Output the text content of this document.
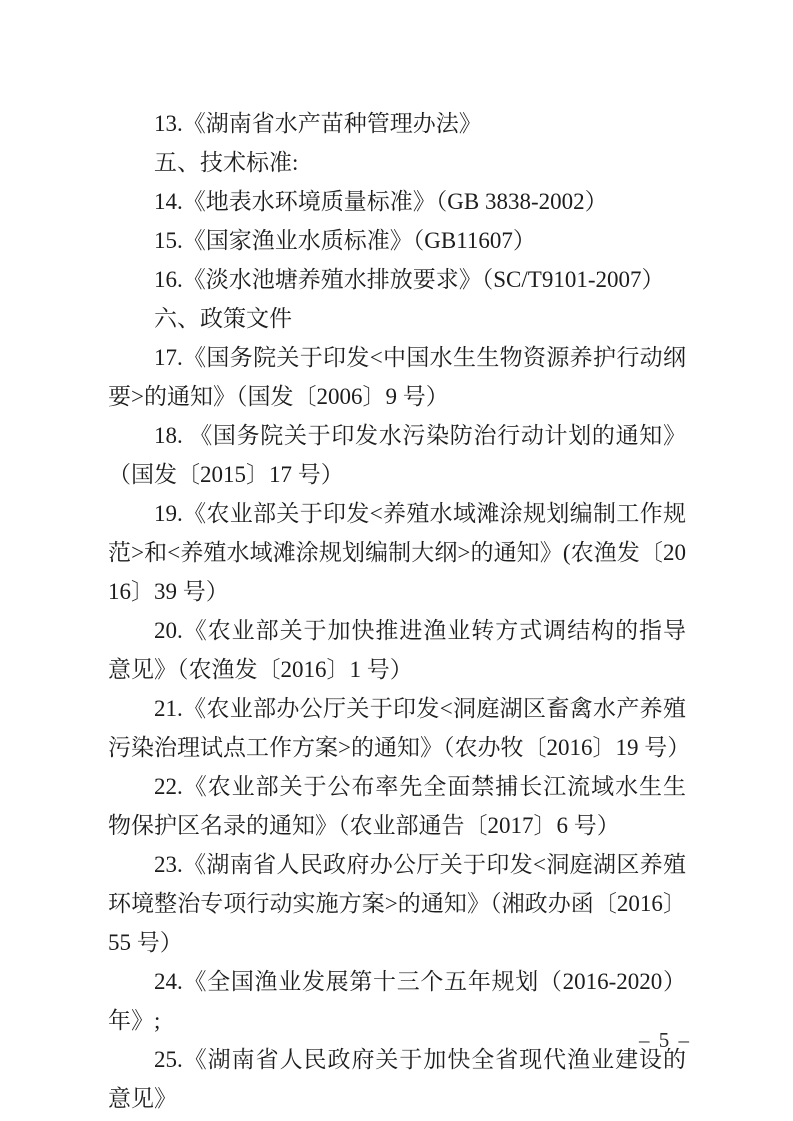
13.《湖南省水产苗种管理办法》

五、技术标准:

14.《地表水环境质量标准》（GB 3838-2002）

15.《国家渔业水质标准》（GB11607）

16.《淡水池塘养殖水排放要求》（SC/T9101-2007）

六、政策文件

17.《国务院关于印发<中国水生生物资源养护行动纲要>的通知》（国发〔2006〕9 号）

18. 《国务院关于印发水污染防治行动计划的通知》（国发〔2015〕17 号）

19.《农业部关于印发<养殖水域滩涂规划编制工作规范>和<养殖水域滩涂规划编制大纲>的通知》(农渔发〔2016〕39 号）

20.《农业部关于加快推进渔业转方式调结构的指导意见》（农渔发〔2016〕1 号）

21.《农业部办公厅关于印发<洞庭湖区畜禽水产养殖污染治理试点工作方案>的通知》（农办牧〔2016〕19 号）

22.《农业部关于公布率先全面禁捕长江流域水生生物保护区名录的通知》（农业部通告〔2017〕6 号）

23.《湖南省人民政府办公厅关于印发<洞庭湖区养殖环境整治专项行动实施方案>的通知》（湘政办函〔2016〕55 号）

24.《全国渔业发展第十三个五年规划（2016-2020）年》;

25.《湖南省人民政府关于加快全省现代渔业建设的意见》

– 5 –
